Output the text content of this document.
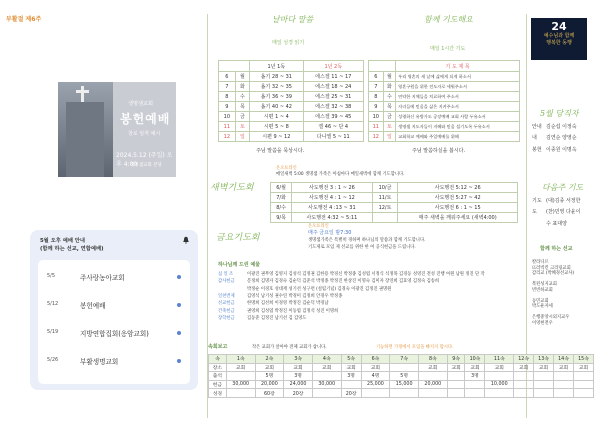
부활절 제6주
생명샘교회
봉헌예배
창로 임직 예시
2024.5.12 (주일) 오후 4:00
생명샘교회 본당
5월 오후 예배 안내
(함께 하는 선교, 연합예배)
5/5	주사랑농아교회
5/12	봉헌예배
5/19	지방연합집회(응암교회)
5/26	부활생명교회
날마다 말씀
매일 성경 읽기
		1년 1독	1년 2독
6	월	욥기 28 ~ 31	에스겔 11 ~ 17
7	화	욥기 32 ~ 35	에스겔 18 ~ 24
8	수	욥기 36 ~ 39	에스겔 25 ~ 31
9	목	욥기 40 ~ 42	에스겔 32 ~ 38
10	금	시편 1 ~ 4	에스겔 39 ~ 45
11	토	시편 5 ~ 8	겔 46 ~ 단 4
12	일	시편 9 ~ 12	다니엘 5 ~ 11
주님 말씀을 묵상시다.
함께 기도해요
매일 1시간 기도
		기 도 제 목
6	월	우리 영혼의 새 날에 삶에게 되게 하소서
7	화	영혼구원을 위한 전도자로 세워주소서
8	수	연약한 지체들을 치료하여 주소서
9	목	자녀들에 믿음을 삶은 지켜주소서
10	금	성령하신 유방가도 공장예배 교회 사람 두유소서
11	토	생명샘 지도자들이 지혜와 믿음 섬기도록 두유소서
12	일	교회학교 예배와 주일예배를 위해
주님 말씀하실을 봅시다.
새벽기도회
온오프라인
매일새벽 5:00 생명샘 가족은 아침마다 매일새벽에 함께 기도합니다.
6/월	사도행전 3 : 1 ~ 26	10/금	사도행전 5:12 ~ 26
7/화	사도행전 4 : 1 ~ 12	11/토	사도행전 5:27 ~ 42
8/수	사도행전 4 :13 ~ 31	12/토	사도행전 6 : 1 ~ 15
9/목	사도행전 4:32 ~ 5:11		매주 새벽을 깨워주세요 (새벽4:00)
금요기도회
온오프라인
매주 금요일 밤7:30
생명샘가족은 특별히 경하며 하나님의 말씀과 함께 기도합니다.
기도제로 모임 제 선교를 위한 한 여 공식현금을 드립니다.
하나님께 드린 예물
십 일 조	이광진 권무영 김영지 김성석 김정권 김한용 박경신 박정종 김성엽 서정식 석정목 김경동 성영진 전성 진행 여원 남원 정진 단 작
감사헌금	문정희 김명자 김경숙 김순덕 김준석 박정종 박정진 한상진 이명숙 김미자 장연희 김효영 김정숙 김송희
박정순 이경호 성대재 성기선 성구련 (설립기념) 김경숙 이광진 김정진 권명원
일천번제	김영석 남기성 권수연 박경미 김정희 안경우 박정종
선교헌금	한명희 김선희 이경영 박정진 김순덕 박경남
건축헌금	권영희 김성엽 박정진 이동엽 김정석 성진 이명희
장학헌금	김동준 김정진 남기선 김 김영도
속회보고	작은 교회가 살아야 전체 교회가 삽니다.	기능하면 가정에서 모임을 빠지지 맙시다.
속	1속	2속	3속	4속	5속	6속	7속	8속	9속	10속	11속	12속	13속	14속	15속
장소	교회	교회	교회	교회	교회	교회		교회	교회	교회	교회	교회	교회	교회	교회
출석		5명	3명		3명	4명	5명			3명					
헌금	30,000	20,000	24,000	30,000		25,000	15,000	20,000			10,000				
성경		60장	20장		20장										
24
예수님과 함께
행복한 동행
5월 당직자
안내 김순섭 이정숙
내	김연순 양영순
봉헌 이종원 이명옥
다음주 기도
기도 (대)김종 서정한
도	(찬)민영 다윤이
수 표대양
함께 하는 선교
칼라디르
뜨러빅킨 크리링교회
감리교 (박혜경선교사)
복된성지교회
빈빈하교회
동민교회
박도운자세
은행중앙시외지교우
이영현전우
